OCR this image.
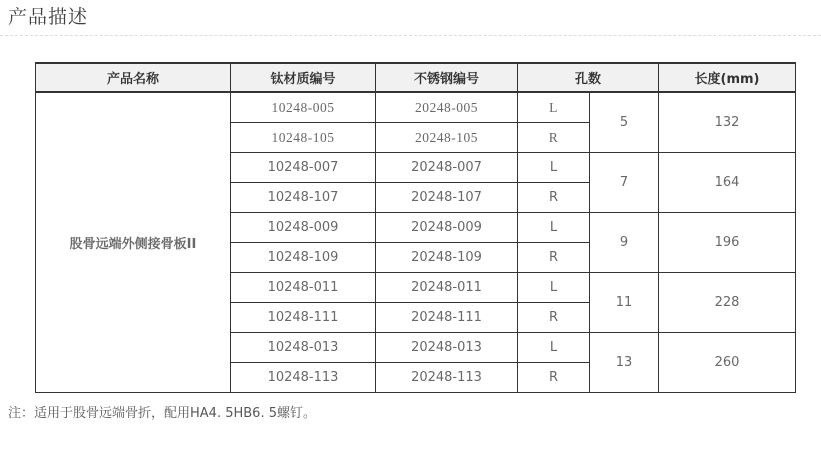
产品描述
产品名称	钛材质编号	不锈钢编号	孔数		长度(mm)
股骨远端外侧接骨板II	10248-005	20248-005	L	5	132
	10248-105	20248-105	R		
	10248-007	20248-007	L	7	164
	10248-107	20248-107	R		
	10248-009	20248-009	L	9	196
	10248-109	20248-109	R		
	10248-011	20248-011	L	11	228
	10248-111	20248-111	R		
	10248-013	20248-013	L	13	260
	10248-113	20248-113	R		
注：适用于股骨远端骨折，配用HA4. 5HB6. 5螺钉。
